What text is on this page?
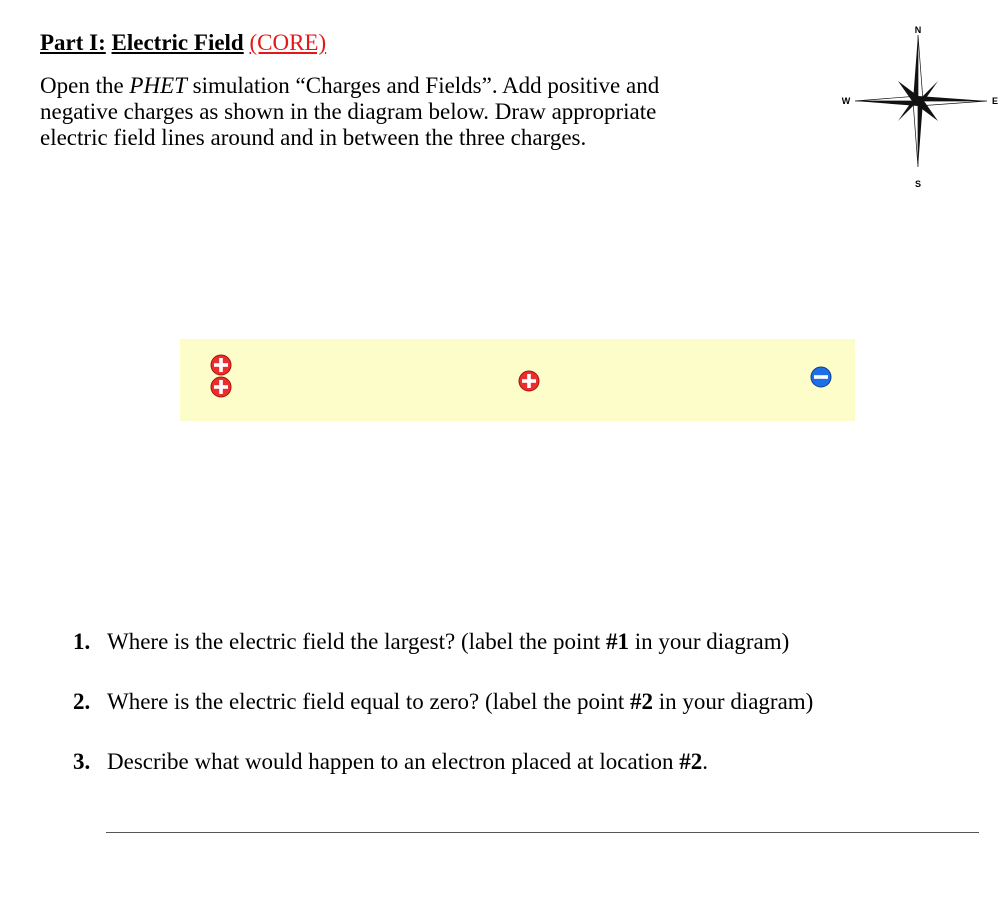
Part I: Electric Field (CORE)

Open the PHET simulation “Charges and Fields”. Add positive and
negative charges as shown in the diagram below. Draw appropriate
electric field lines around and in between the three charges.

N
S
W	E
1. Where is the electric field the largest? (label the point #1 in your diagram)
2. Where is the electric field equal to zero? (label the point #2 in your diagram)
3. Describe what would happen to an electron placed at location #2.
